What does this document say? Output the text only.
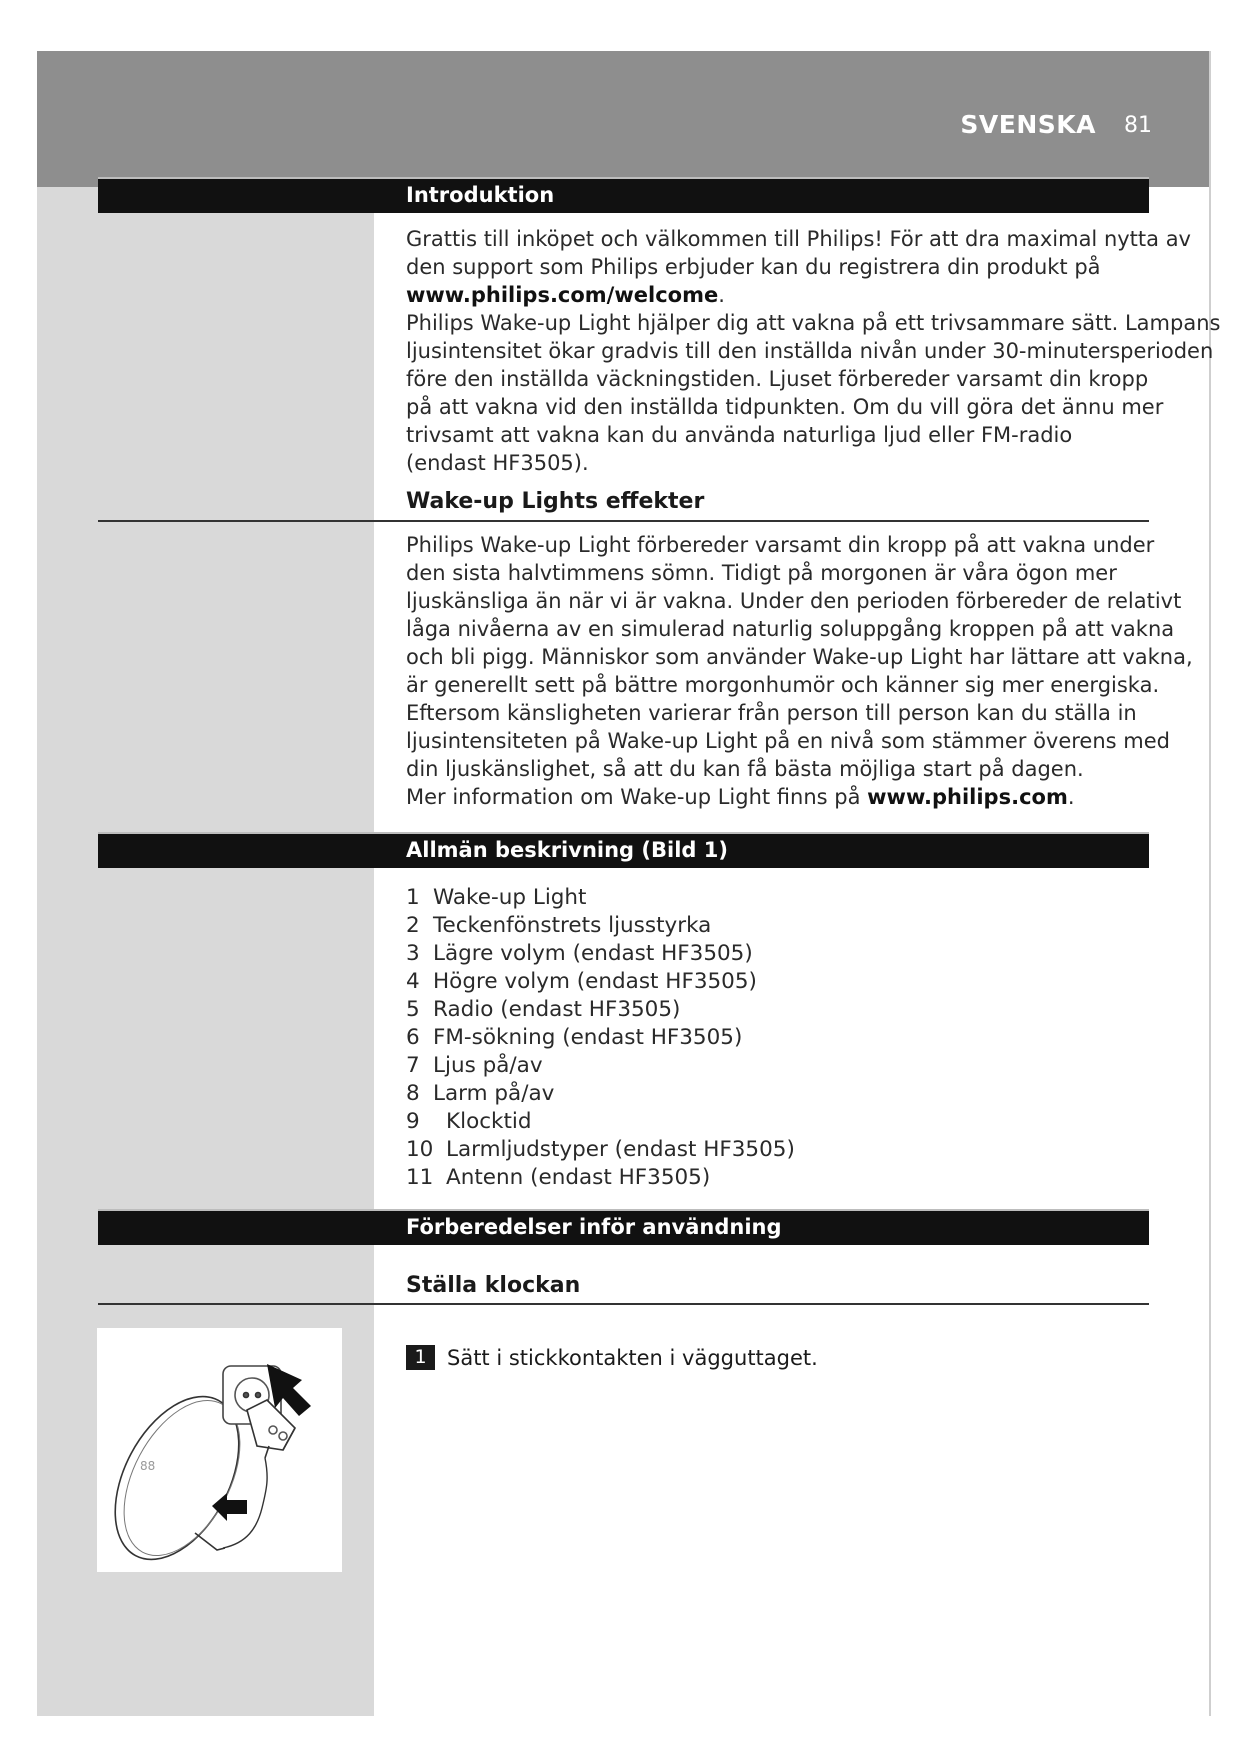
SVENSKA 81
Introduktion
Grattis till inköpet och välkommen till Philips! För att dra maximal nytta av
den support som Philips erbjuder kan du registrera din produkt på
www.philips.com/welcome.
Philips Wake-up Light hjälper dig att vakna på ett trivsammare sätt. Lampans
ljusintensitet ökar gradvis till den inställda nivån under 30-minutersperioden
före den inställda väckningstiden. Ljuset förbereder varsamt din kropp
på att vakna vid den inställda tidpunkten. Om du vill göra det ännu mer
trivsamt att vakna kan du använda naturliga ljud eller FM-radio
(endast HF3505).
Wake-up Lights effekter
Philips Wake-up Light förbereder varsamt din kropp på att vakna under
den sista halvtimmens sömn. Tidigt på morgonen är våra ögon mer
ljuskänsliga än när vi är vakna. Under den perioden förbereder de relativt
låga nivåerna av en simulerad naturlig soluppgång kroppen på att vakna
och bli pigg. Människor som använder Wake-up Light har lättare att vakna,
är generellt sett på bättre morgonhumör och känner sig mer energiska.
Eftersom känsligheten varierar från person till person kan du ställa in
ljusintensiteten på Wake-up Light på en nivå som stämmer överens med
din ljuskänslighet, så att du kan få bästa möjliga start på dagen.
Mer information om Wake-up Light finns på www.philips.com.
Allmän beskrivning (Bild 1)
1 Wake-up Light
2 Teckenfönstrets ljusstyrka
3 Lägre volym (endast HF3505)
4 Högre volym (endast HF3505)
5 Radio (endast HF3505)
6 FM-sökning (endast HF3505)
7 Ljus på/av
8 Larm på/av
9	Klocktid
10 Larmljudstyper (endast HF3505)
11 Antenn (endast HF3505)
Förberedelser inför användning
Ställa klockan
88
1 Sätt i stickkontakten i vägguttaget.
